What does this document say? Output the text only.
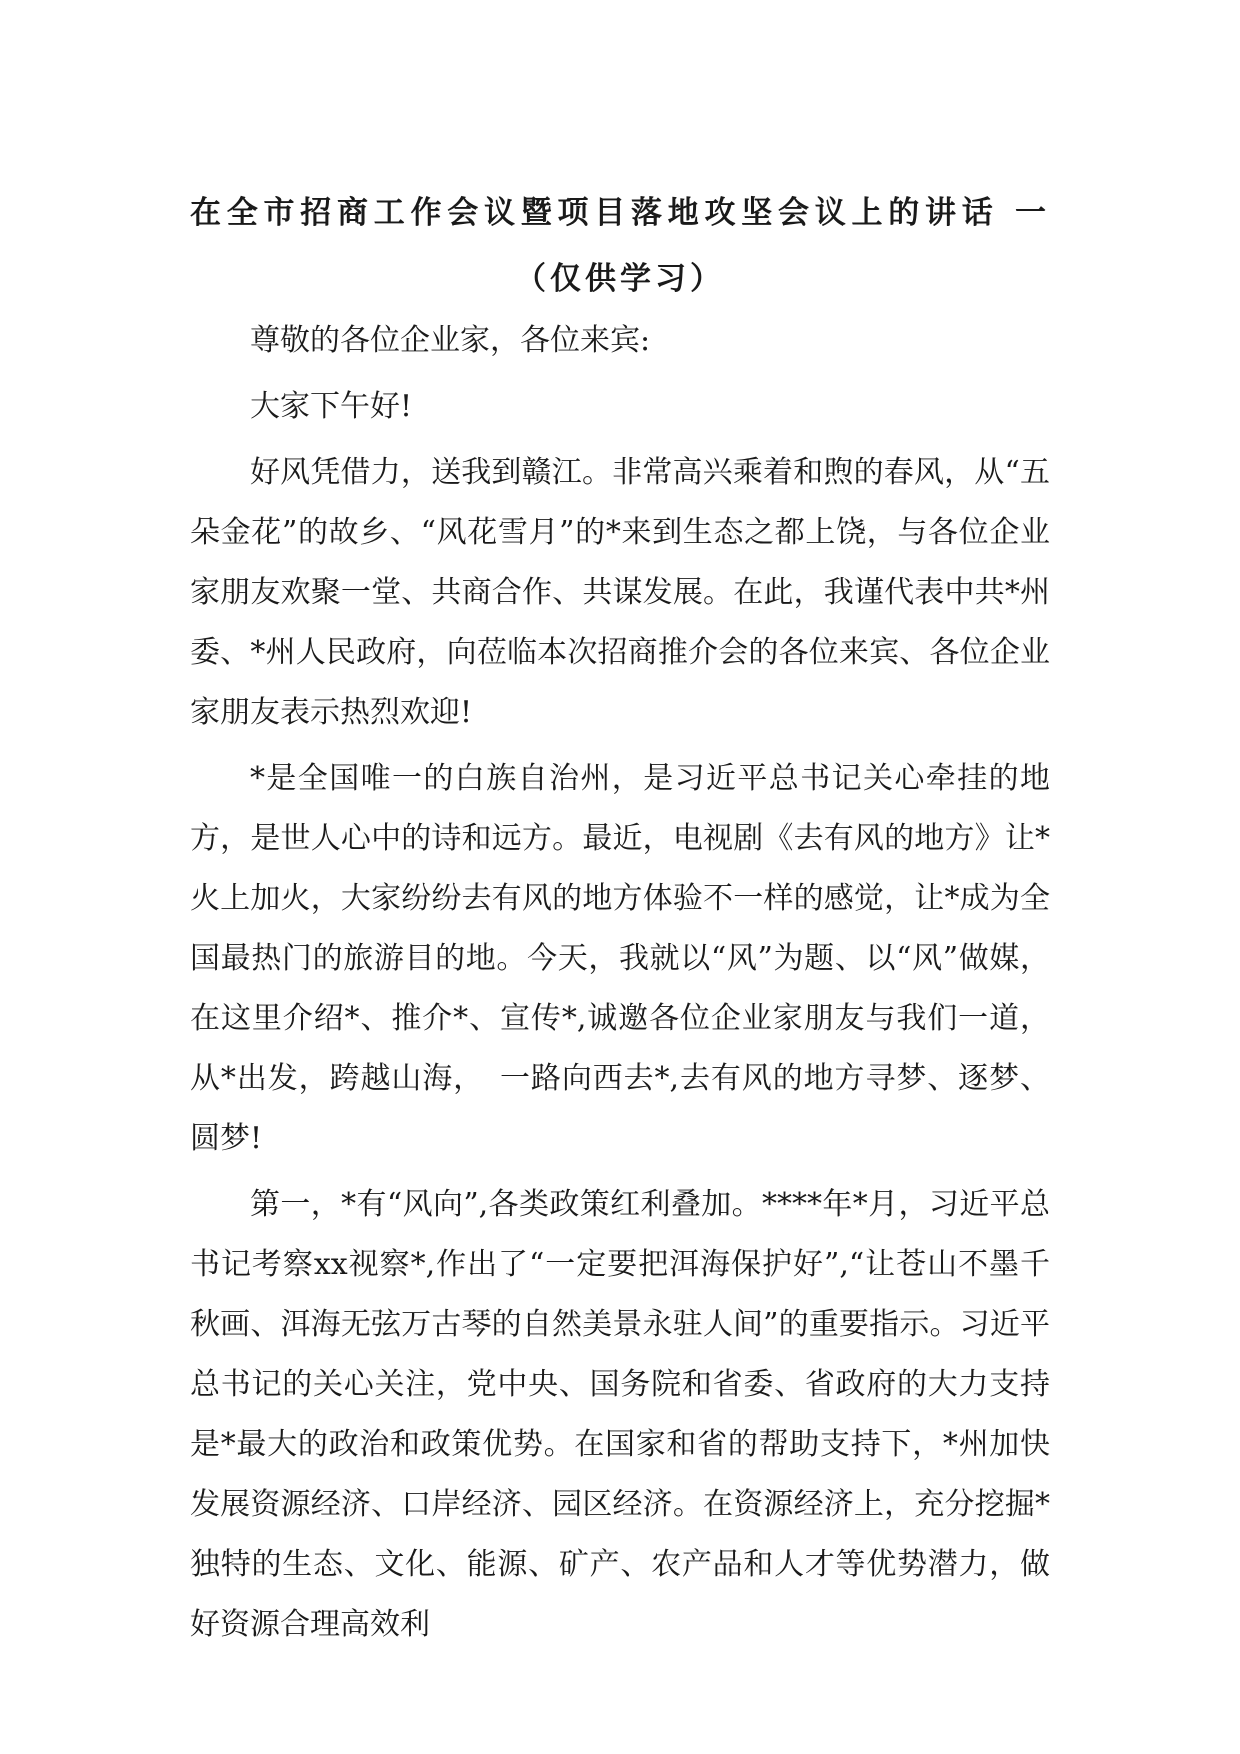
在全市招商工作会议暨项目落地攻坚会议上的讲话 一（仅供学习）

尊敬的各位企业家，各位来宾:

大家下午好!

好风凭借力，送我到赣江。非常高兴乘着和煦的春风，从“五朵金花”的故乡、“风花雪月”的*来到生态之都上饶，与各位企业家朋友欢聚一堂、共商合作、共谋发展。在此，我谨代表中共*州委、*州人民政府，向莅临本次招商推介会的各位来宾、各位企业家朋友表示热烈欢迎!

*是全国唯一的白族自治州，是习近平总书记关心牵挂的地方，是世人心中的诗和远方。最近，电视剧《去有风的地方》让*火上加火，大家纷纷去有风的地方体验不一样的感觉，让*成为全国最热门的旅游目的地。今天，我就以“风”为题、以“风”做媒，在这里介绍*、推介*、宣传*,诚邀各位企业家朋友与我们一道，从*出发，跨越山海，　一路向西去*,去有风的地方寻梦、逐梦、圆梦!

第一，*有“风向”,各类政策红利叠加。****年*月，习近平总书记考察xx视察*,作出了“一定要把洱海保护好”,“让苍山不墨千秋画、洱海无弦万古琴的自然美景永驻人间”的重要指示。习近平总书记的关心关注，党中央、国务院和省委、省政府的大力支持是*最大的政治和政策优势。在国家和省的帮助支持下，*州加快发展资源经济、口岸经济、园区经济。在资源经济上，充分挖掘*独特的生态、文化、能源、矿产、农产品和人才等优势潜力，做好资源合理高效利
